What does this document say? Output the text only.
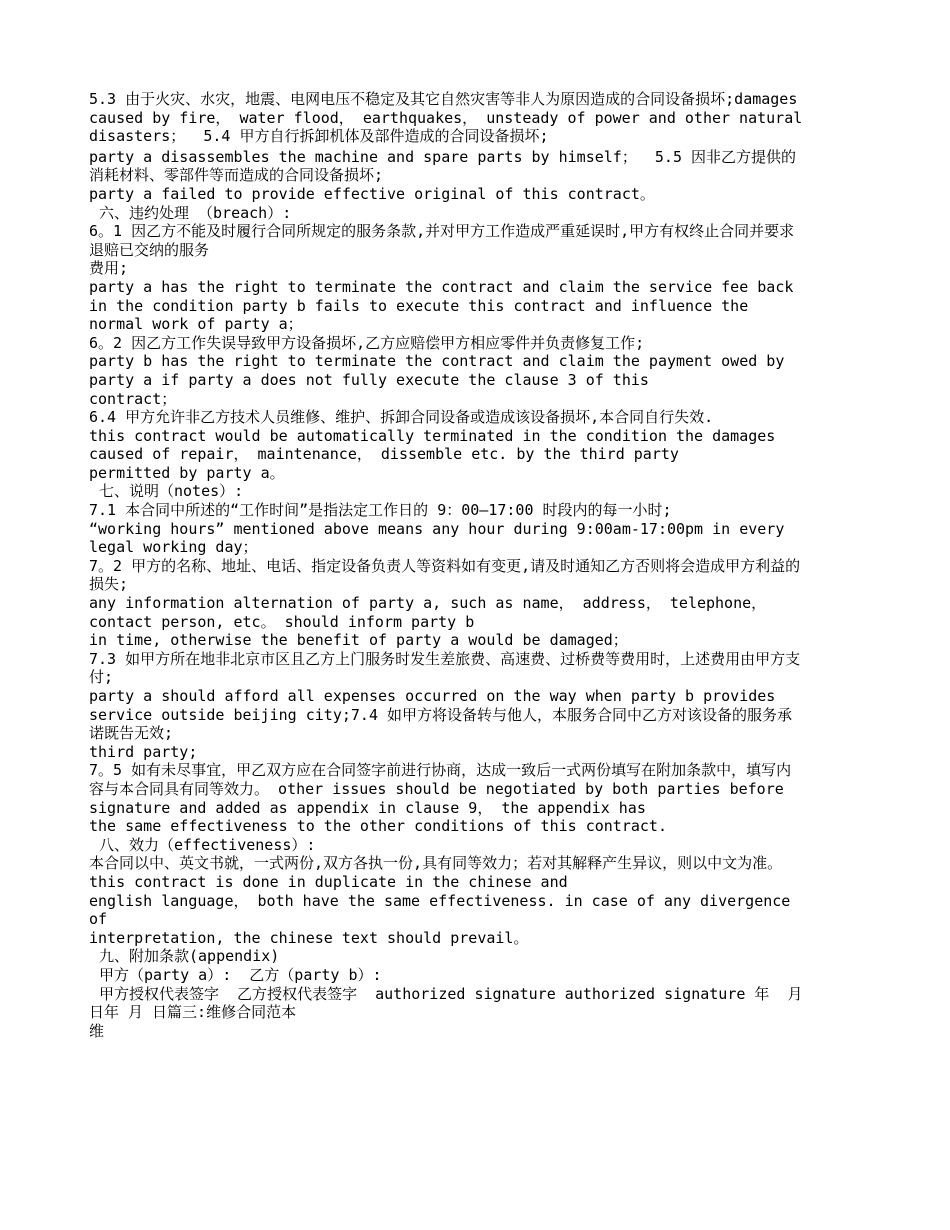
5.3 由于火灾、水灾，地震、电网电压不稳定及其它自然灾害等非人为原因造成的合同设备损坏;damages

caused by fire， water flood， earthquakes， unsteady of power and other natural

disasters；  5.4 甲方自行拆卸机体及部件造成的合同设备损坏;

party a disassembles the machine and spare parts by himself；  5.5 因非乙方提供的

消耗材料、零部件等而造成的合同设备损坏;

party a failed to provide effective original of this contract。

六、违约处理 （breach）:

6。1 因乙方不能及时履行合同所规定的服务条款,并对甲方工作造成严重延误时,甲方有权终止合同并要求

退赔已交纳的服务

费用;

party a has the right to terminate the contract and claim the service fee back

in the condition party b fails to execute this contract and influence the

normal work of party a；

6。2 因乙方工作失误导致甲方设备损坏,乙方应赔偿甲方相应零件并负责修复工作;

party b has the right to terminate the contract and claim the payment owed by

party a if party a does not fully execute the clause 3 of this

contract；

6.4 甲方允许非乙方技术人员维修、维护、拆卸合同设备或造成该设备损坏,本合同自行失效.

this contract would be automatically terminated in the condition the damages

caused of repair， maintenance， dissemble etc. by the third party

permitted by party a。

七、说明（notes）:

7.1 本合同中所述的“工作时间”是指法定工作日的 9：00—17:00 时段内的每一小时;

“working hours” mentioned above means any hour during 9:00am-17:00pm in every

legal working day；

7。2 甲方的名称、地址、电话、指定设备负责人等资料如有变更,请及时通知乙方否则将会造成甲方利益的

损失;

any information alternation of party a, such as name， address， telephone，

contact person, etc。 should inform party b

in time, otherwise the benefit of party a would be damaged；

7.3 如甲方所在地非北京市区且乙方上门服务时发生差旅费、高速费、过桥费等费用时，上述费用由甲方支

付;

party a should afford all expenses occurred on the way when party b provides

service outside beijing city;7.4 如甲方将设备转与他人，本服务合同中乙方对该设备的服务承

诺既告无效;

third party;

7。5 如有未尽事宜，甲乙双方应在合同签字前进行协商，达成一致后一式两份填写在附加条款中，填写内

容与本合同具有同等效力。 other issues should be negotiated by both parties before

signature and added as appendix in clause 9， the appendix has

the same effectiveness to the other conditions of this contract.

八、效力（effectiveness）:

本合同以中、英文书就，一式两份,双方各执一份,具有同等效力；若对其解释产生异议，则以中文为准。

this contract is done in duplicate in the chinese and

english language， both have the same effectiveness. in case of any divergence

of

interpretation, the chinese text should prevail。

九、附加条款(appendix)

甲方（party a）:  乙方（party b）:

甲方授权代表签字  乙方授权代表签字  authorized signature authorized signature 年  月

日年 月 日篇三:维修合同范本

维
